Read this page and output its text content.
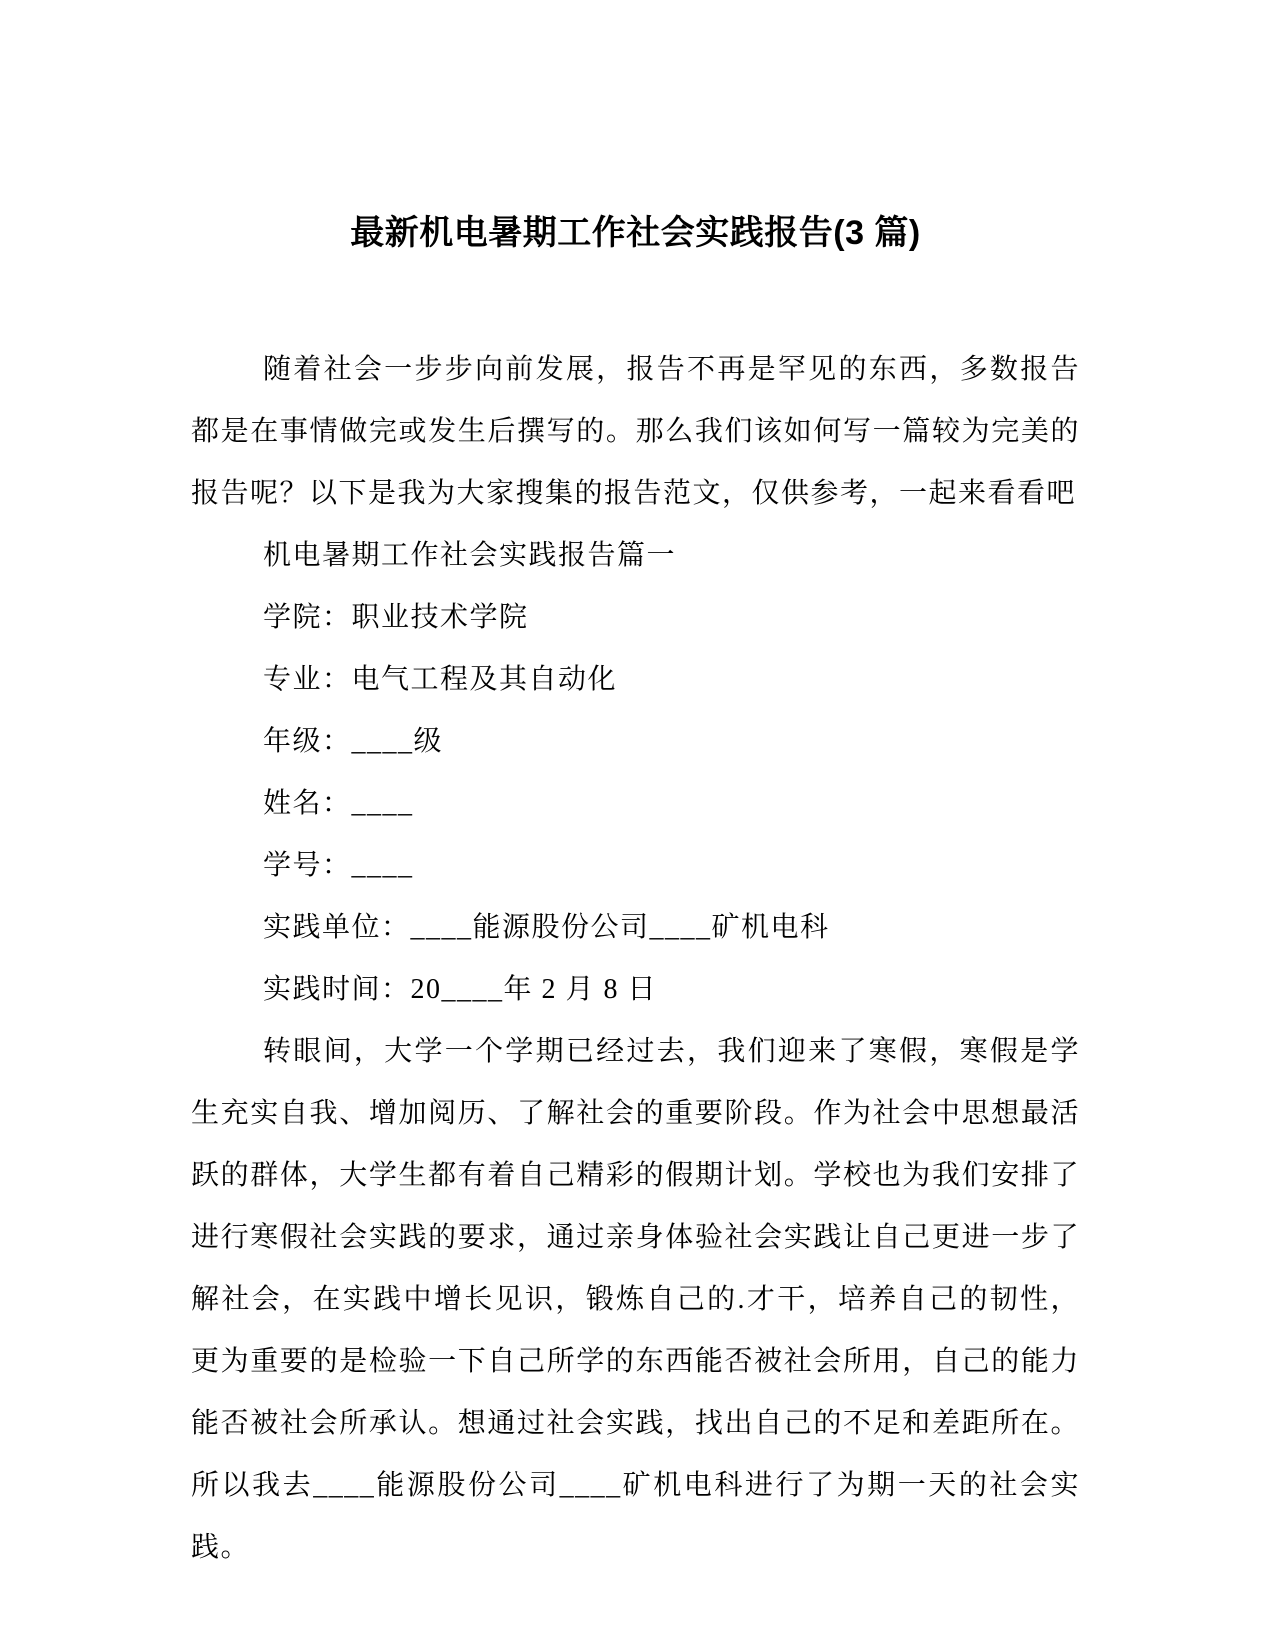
最新机电暑期工作社会实践报告(3 篇)

随着社会一步步向前发展，报告不再是罕见的东西，多数报告都是在事情做完或发生后撰写的。那么我们该如何写一篇较为完美的报告呢？以下是我为大家搜集的报告范文，仅供参考，一起来看看吧

机电暑期工作社会实践报告篇一

学院：职业技术学院

专业：电气工程及其自动化

年级：____级

姓名：____

学号：____

实践单位：____能源股份公司____矿机电科

实践时间：20____年 2 月 8 日

转眼间，大学一个学期已经过去，我们迎来了寒假，寒假是学生充实自我、增加阅历、了解社会的重要阶段。作为社会中思想最活跃的群体，大学生都有着自己精彩的假期计划。学校也为我们安排了进行寒假社会实践的要求，通过亲身体验社会实践让自己更进一步了解社会，在实践中增长见识，锻炼自己的.才干，培养自己的韧性，更为重要的是检验一下自己所学的东西能否被社会所用，自己的能力能否被社会所承认。想通过社会实践，找出自己的不足和差距所在。所以我去____能源股份公司____矿机电科进行了为期一天的社会实践。
